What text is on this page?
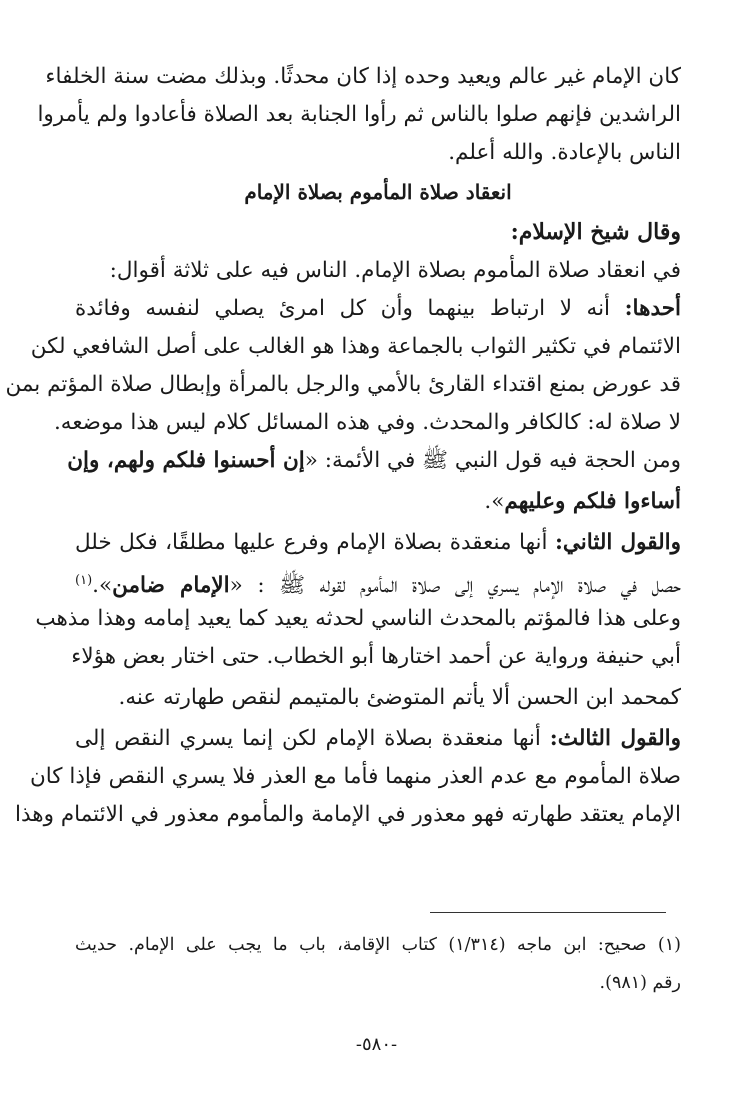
كان الإمام غير عالم ويعيد وحده إذا كان محدثًا. وبذلك مضت سنة الخلفاء
الراشدين فإنهم صلوا بالناس ثم رأوا الجنابة بعد الصلاة فأعادوا ولم يأمروا
الناس بالإعادة. والله أعلم.
انعقاد صلاة المأموم بصلاة الإمام
وقال شيخ الإسلام:
في انعقاد صلاة المأموم بصلاة الإمام. الناس فيه على ثلاثة أقوال:
أحدها: أنه لا ارتباط بينهما وأن كل امرئ يصلي لنفسه وفائدة
الائتمام في تكثير الثواب بالجماعة وهذا هو الغالب على أصل الشافعي لكن
قد عورض بمنع اقتداء القارئ بالأمي والرجل بالمرأة وإبطال صلاة المؤتم بمن
لا صلاة له: كالكافر والمحدث. وفي هذه المسائل كلام ليس هذا موضعه.
ومن الحجة فيه قول النبي ﷺ في الأئمة: «إن أحسنوا فلكم ولهم، وإن
أساءوا فلكم وعليهم».
والقول الثاني: أنها منعقدة بصلاة الإمام وفرع عليها مطلقًا، فكل خلل
حصل في صلاة الإمام يسري إلى صلاة المأموم لقوله ﷺ : «الإمام ضامن».$^{(١)}$
وعلى هذا فالمؤتم بالمحدث الناسي لحدثه يعيد كما يعيد إمامه وهذا مذهب
أبي حنيفة ورواية عن أحمد اختارها أبو الخطاب. حتى اختار بعض هؤلاء
كمحمد ابن الحسن ألا يأتم المتوضئ بالمتيمم لنقص طهارته عنه.
والقول الثالث: أنها منعقدة بصلاة الإمام لكن إنما يسري النقص إلى
صلاة المأموم مع عدم العذر منهما فأما مع العذر فلا يسري النقص فإذا كان
الإمام يعتقد طهارته فهو معذور في الإمامة والمأموم معذور في الائتمام وهذا
(١) صحيح: ابن ماجه (١/٣١٤) كتاب الإقامة، باب ما يجب على الإمام. حديث
رقم (٩٨١).
-٥٨٠-
